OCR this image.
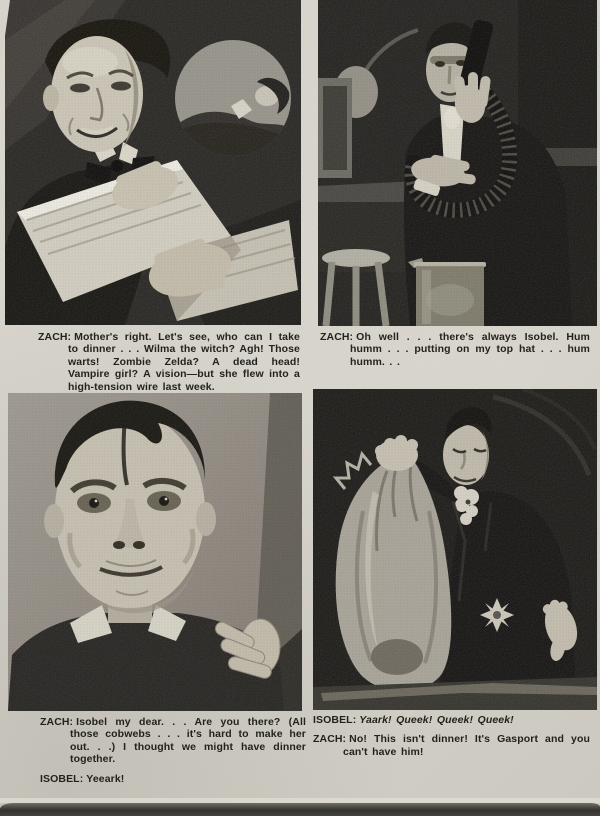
ZACH: Mother's right. Let's see, who can I take to dinner . . . Wilma the witch? Agh! Those warts! Zombie Zelda? A dead head! Vampire girl? A vision—but she flew into a high-tension wire last week.

ZACH: Oh well . . . there's always Isobel. Hum humm . . . putting on my top hat . . . hum humm. . .

ZACH: Isobel my dear. . . Are you there? (All those cobwebs . . . it's hard to make her out. . .) I thought we might have dinner together.

ISOBEL: Yeeark!

ISOBEL: Yaark! Queek! Queek! Queek!

ZACH: No! This isn't dinner! It's Gasport and you can't have him!
